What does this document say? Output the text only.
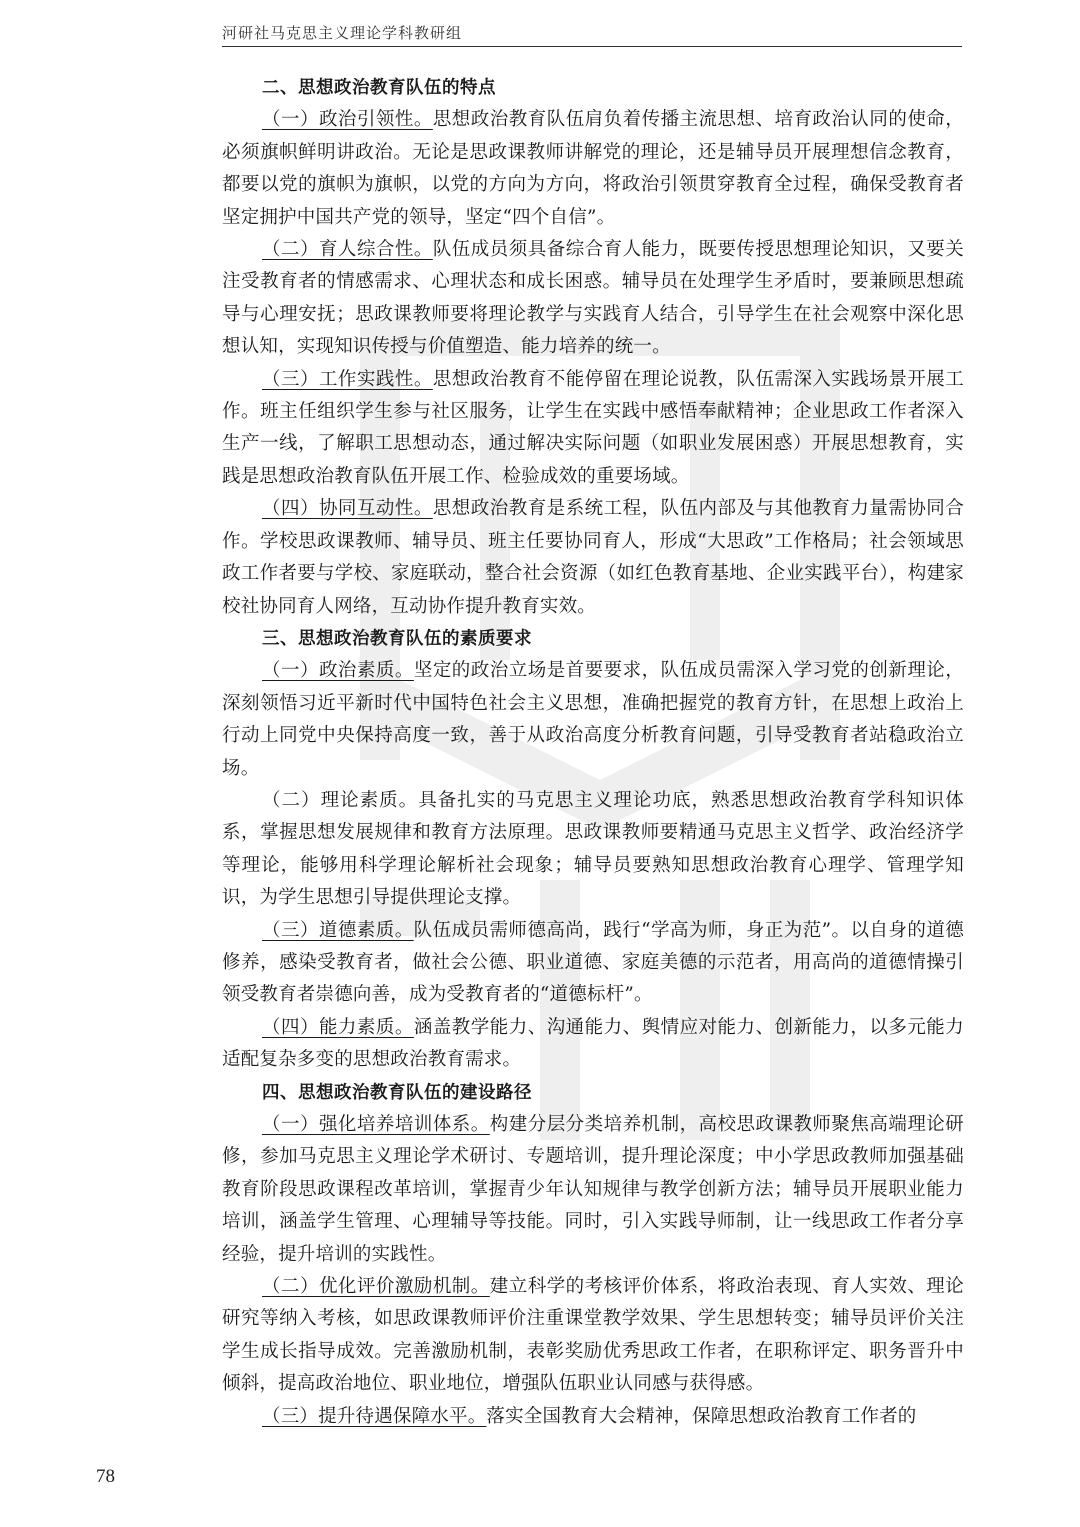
河研社马克思主义理论学科教研组

二、思想政治教育队伍的特点

（一）政治引领性。思想政治教育队伍肩负着传播主流思想、培育政治认同的使命，必须旗帜鲜明讲政治。无论是思政课教师讲解党的理论，还是辅导员开展理想信念教育，都要以党的旗帜为旗帜，以党的方向为方向，将政治引领贯穿教育全过程，确保受教育者坚定拥护中国共产党的领导，坚定“四个自信”。

（二）育人综合性。队伍成员须具备综合育人能力，既要传授思想理论知识，又要关注受教育者的情感需求、心理状态和成长困惑。辅导员在处理学生矛盾时，要兼顾思想疏导与心理安抚；思政课教师要将理论教学与实践育人结合，引导学生在社会观察中深化思想认知，实现知识传授与价值塑造、能力培养的统一。

（三）工作实践性。思想政治教育不能停留在理论说教，队伍需深入实践场景开展工作。班主任组织学生参与社区服务，让学生在实践中感悟奉献精神；企业思政工作者深入生产一线，了解职工思想动态，通过解决实际问题（如职业发展困惑）开展思想教育，实践是思想政治教育队伍开展工作、检验成效的重要场域。

（四）协同互动性。思想政治教育是系统工程，队伍内部及与其他教育力量需协同合作。学校思政课教师、辅导员、班主任要协同育人，形成“大思政”工作格局；社会领域思政工作者要与学校、家庭联动，整合社会资源（如红色教育基地、企业实践平台），构建家校社协同育人网络，互动协作提升教育实效。

三、思想政治教育队伍的素质要求

（一）政治素质。坚定的政治立场是首要要求，队伍成员需深入学习党的创新理论，深刻领悟习近平新时代中国特色社会主义思想，准确把握党的教育方针，在思想上政治上行动上同党中央保持高度一致，善于从政治高度分析教育问题，引导受教育者站稳政治立场。

（二）理论素质。具备扎实的马克思主义理论功底，熟悉思想政治教育学科知识体系，掌握思想发展规律和教育方法原理。思政课教师要精通马克思主义哲学、政治经济学等理论，能够用科学理论解析社会现象；辅导员要熟知思想政治教育心理学、管理学知识，为学生思想引导提供理论支撑。

（三）道德素质。队伍成员需师德高尚，践行“学高为师，身正为范”。以自身的道德修养，感染受教育者，做社会公德、职业道德、家庭美德的示范者，用高尚的道德情操引领受教育者崇德向善，成为受教育者的“道德标杆”。

（四）能力素质。涵盖教学能力、沟通能力、舆情应对能力、创新能力，以多元能力适配复杂多变的思想政治教育需求。

四、思想政治教育队伍的建设路径

（一）强化培养培训体系。构建分层分类培养机制，高校思政课教师聚焦高端理论研修，参加马克思主义理论学术研讨、专题培训，提升理论深度；中小学思政教师加强基础教育阶段思政课程改革培训，掌握青少年认知规律与教学创新方法；辅导员开展职业能力培训，涵盖学生管理、心理辅导等技能。同时，引入实践导师制，让一线思政工作者分享经验，提升培训的实践性。

（二）优化评价激励机制。建立科学的考核评价体系，将政治表现、育人实效、理论研究等纳入考核，如思政课教师评价注重课堂教学效果、学生思想转变；辅导员评价关注学生成长指导成效。完善激励机制，表彰奖励优秀思政工作者，在职称评定、职务晋升中倾斜，提高政治地位、职业地位，增强队伍职业认同感与获得感。

（三）提升待遇保障水平。落实全国教育大会精神，保障思想政治教育工作者的

78
